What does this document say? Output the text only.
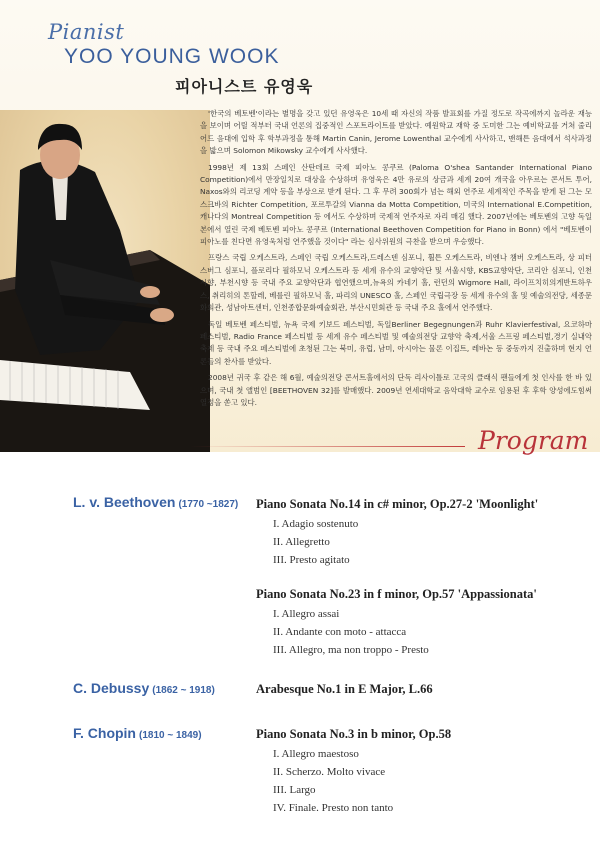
Pianist
YOO YOUNG WOOK
피아니스트 유영욱

'한국의 베토벤'이라는 별명을 갖고 있던 유영욱은 10세 때 자신의 작품 발표회를 가질 정도로 작곡에까지 놀라운 재능을 보이며 어릴 적부터 국내 언론의 집중적인 스포트라이트를 받았다. 예원학교 재학 중 도미한 그는 예비학교를 거쳐 줄리어드 음대에 입학 후 학부과정을 통해 Martin Canin, Jerome Lowenthal 교수에게 사사하고, 맨해튼 음대에서 석사과정을 밟으며 Solomon Mikowsky 교수에게 사사했다.

1998년 제 13회 스페인 산탄데르 국제 피아노 콩쿠르 (Paloma O'shea Santander International Piano Competition)에서 만장일치로 대상을 수상하며 유영욱은 4만 유로의 상금과 세계 20여 개국을 아우르는 콘서트 투어, Naxos와의 리코딩 계약 등을 부상으로 받게 된다. 그 후 무려 300회가 넘는 해외 연주로 세계적인 주목을 받게 된 그는 모스크바의 Richter Competition, 포르투갈의 Vianna da Motta Competition, 미국의 International E.Competition, 캐나다의 Montreal Competition 등 에서도 수상하며 국제적 연주자로 자리 매김 했다. 2007년에는 베토벤의 고향 독일 본에서 열린 국제 베토벤 피아노 콩쿠르 (International Beethoven Competition for Piano in Bonn) 에서 "베토벤이 피아노를 친다면 유영욱처럼 연주했을 것이다" 라는 심사위원의 극찬을 받으며 우승했다.

프랑스 국립 오케스트라, 스페인 국립 오케스트라,드레스덴 심포니, 휠튼 오케스트라, 비엔나 챔버 오케스트라, 상 피터스버그 심포니, 플로리다 필하모닉 오케스트라 등 세계 유수의 교향악단 및 서울시향, KBS교향악단, 코리안 심포니, 인천시향, 부천시향 등 국내 주요 교향악단과 협연했으며,뉴욕의 카네기 홀, 런던의 Wigmore Hall, 라이프치히의게반트하우스, 취리히의 톤할레, 베를린 필하모닉 홀, 파리의 UNESCO 홀, 스페인 국립극장 등 세계 유수의 홀 및 예술의전당, 세종문화회관, 성남아트센터, 인천종합문화예술회관, 부산시민회관 등 국내 주요 홀에서 연주했다.

독일 베토벤 페스티벌, 뉴욕 국제 키보드 페스티벌, 독일Berliner Begegnungen과 Ruhr Klavierfestival, 요코하마 페스티벌, Radio France 페스티벌 등 세계 유수 페스티벌 및 예술의전당 교향악 축제,서울 스프링 페스티벌,경기 실내악 축제 등 국내 주요 페스티벌에 초청된 그는 북미, 유럽, 남미, 아시아는 물론 이집트, 레바논 등 중동까지 진출하며 현지 언론들의 찬사를 받았다.

2008년 귀국 후 같은 해 6월, 예술의전당 콘서트홀에서의 단독 리사이틀로 고국의 클래식 팬들에게 첫 인사를 한 바 있으며, 국내 첫 앨범인 [BEETHOVEN 32]를 발매했다. 2009년 연세대학교 음악대학 교수로 임용된 후 후학 양성에도힘써 열정을 쏟고 있다.

Program
L. v. Beethoven (1770 ~1827) Piano Sonata No.14 in c# minor, Op.27-2 'Moonlight'
I. Adagio sostenuto
II. Allegretto
III. Presto agitato
Piano Sonata No.23 in f minor, Op.57 'Appassionata'
I. Allegro assai
II. Andante con moto - attacca
III. Allegro, ma non troppo - Presto
C. Debussy (1862 ~ 1918)	Arabesque No.1 in E Major, L.66
F. Chopin (1810 ~ 1849)	Piano Sonata No.3 in b minor, Op.58
I. Allegro maestoso
II. Scherzo. Molto vivace
III. Largo
IV. Finale. Presto non tanto
